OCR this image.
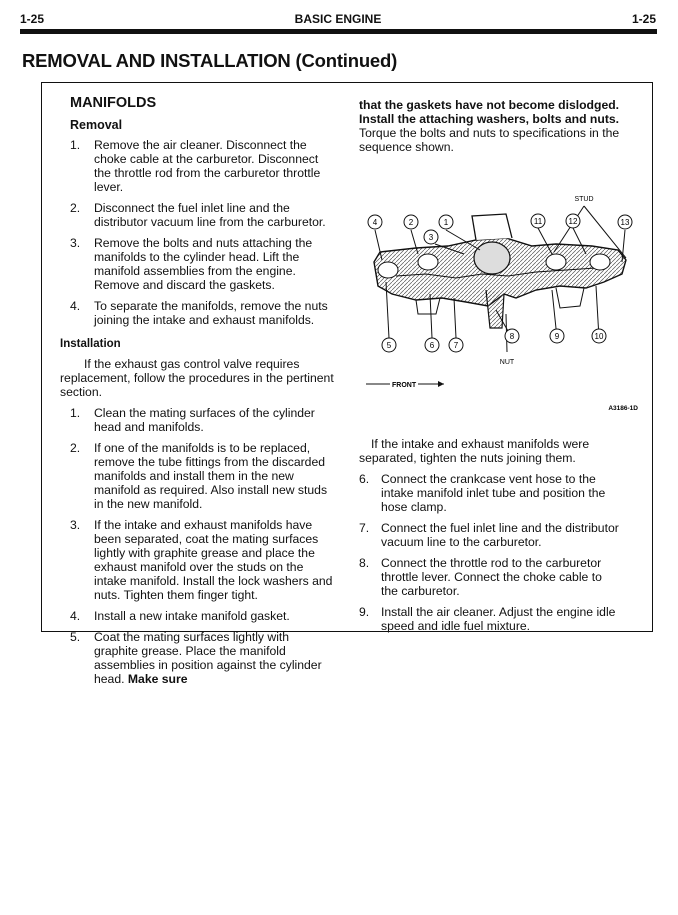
1-25	BASIC ENGINE	1-25
REMOVAL AND INSTALLATION (Continued)
MANIFOLDS
Removal
1. Remove the air cleaner. Disconnect the choke cable at the carburetor. Disconnect the throttle rod from the carburetor throttle lever.
2. Disconnect the fuel inlet line and the distributor vacuum line from the carburetor.
3. Remove the bolts and nuts attaching the manifolds to the cylinder head. Lift the manifold assemblies from the engine. Remove and discard the gaskets.
4. To separate the manifolds, remove the nuts joining the intake and exhaust manifolds.
Installation
If the exhaust gas control valve requires replacement, follow the procedures in the pertinent section.
1. Clean the mating surfaces of the cylinder head and manifolds.
2. If one of the manifolds is to be replaced, remove the tube fittings from the discarded manifolds and install them in the new manifold as required. Also install new studs in the new manifold.
3. If the intake and exhaust manifolds have been separated, coat the mating surfaces lightly with graphite grease and place the exhaust manifold over the studs on the intake manifold. Install the lock washers and nuts. Tighten them finger tight.
4. Install a new intake manifold gasket.
5. Coat the mating surfaces lightly with graphite grease. Place the manifold assemblies in position against the cylinder head. Make sure
that the gaskets have not become dislodged. Install the attaching washers, bolts and nuts. Torque the bolts and nuts to specifications in the sequence shown.
4	2	1
3
11	12	13
5	6 7
8	9	10
STUD
NUT
FRONT
A3186-1D
If the intake and exhaust manifolds were separated, tighten the nuts joining them.
6. Connect the crankcase vent hose to the intake manifold inlet tube and position the hose clamp.
7. Connect the fuel inlet line and the distributor vacuum line to the carburetor.
8. Connect the throttle rod to the carburetor throttle lever. Connect the choke cable to the carburetor.
9. Install the air cleaner. Adjust the engine idle speed and idle fuel mixture.
